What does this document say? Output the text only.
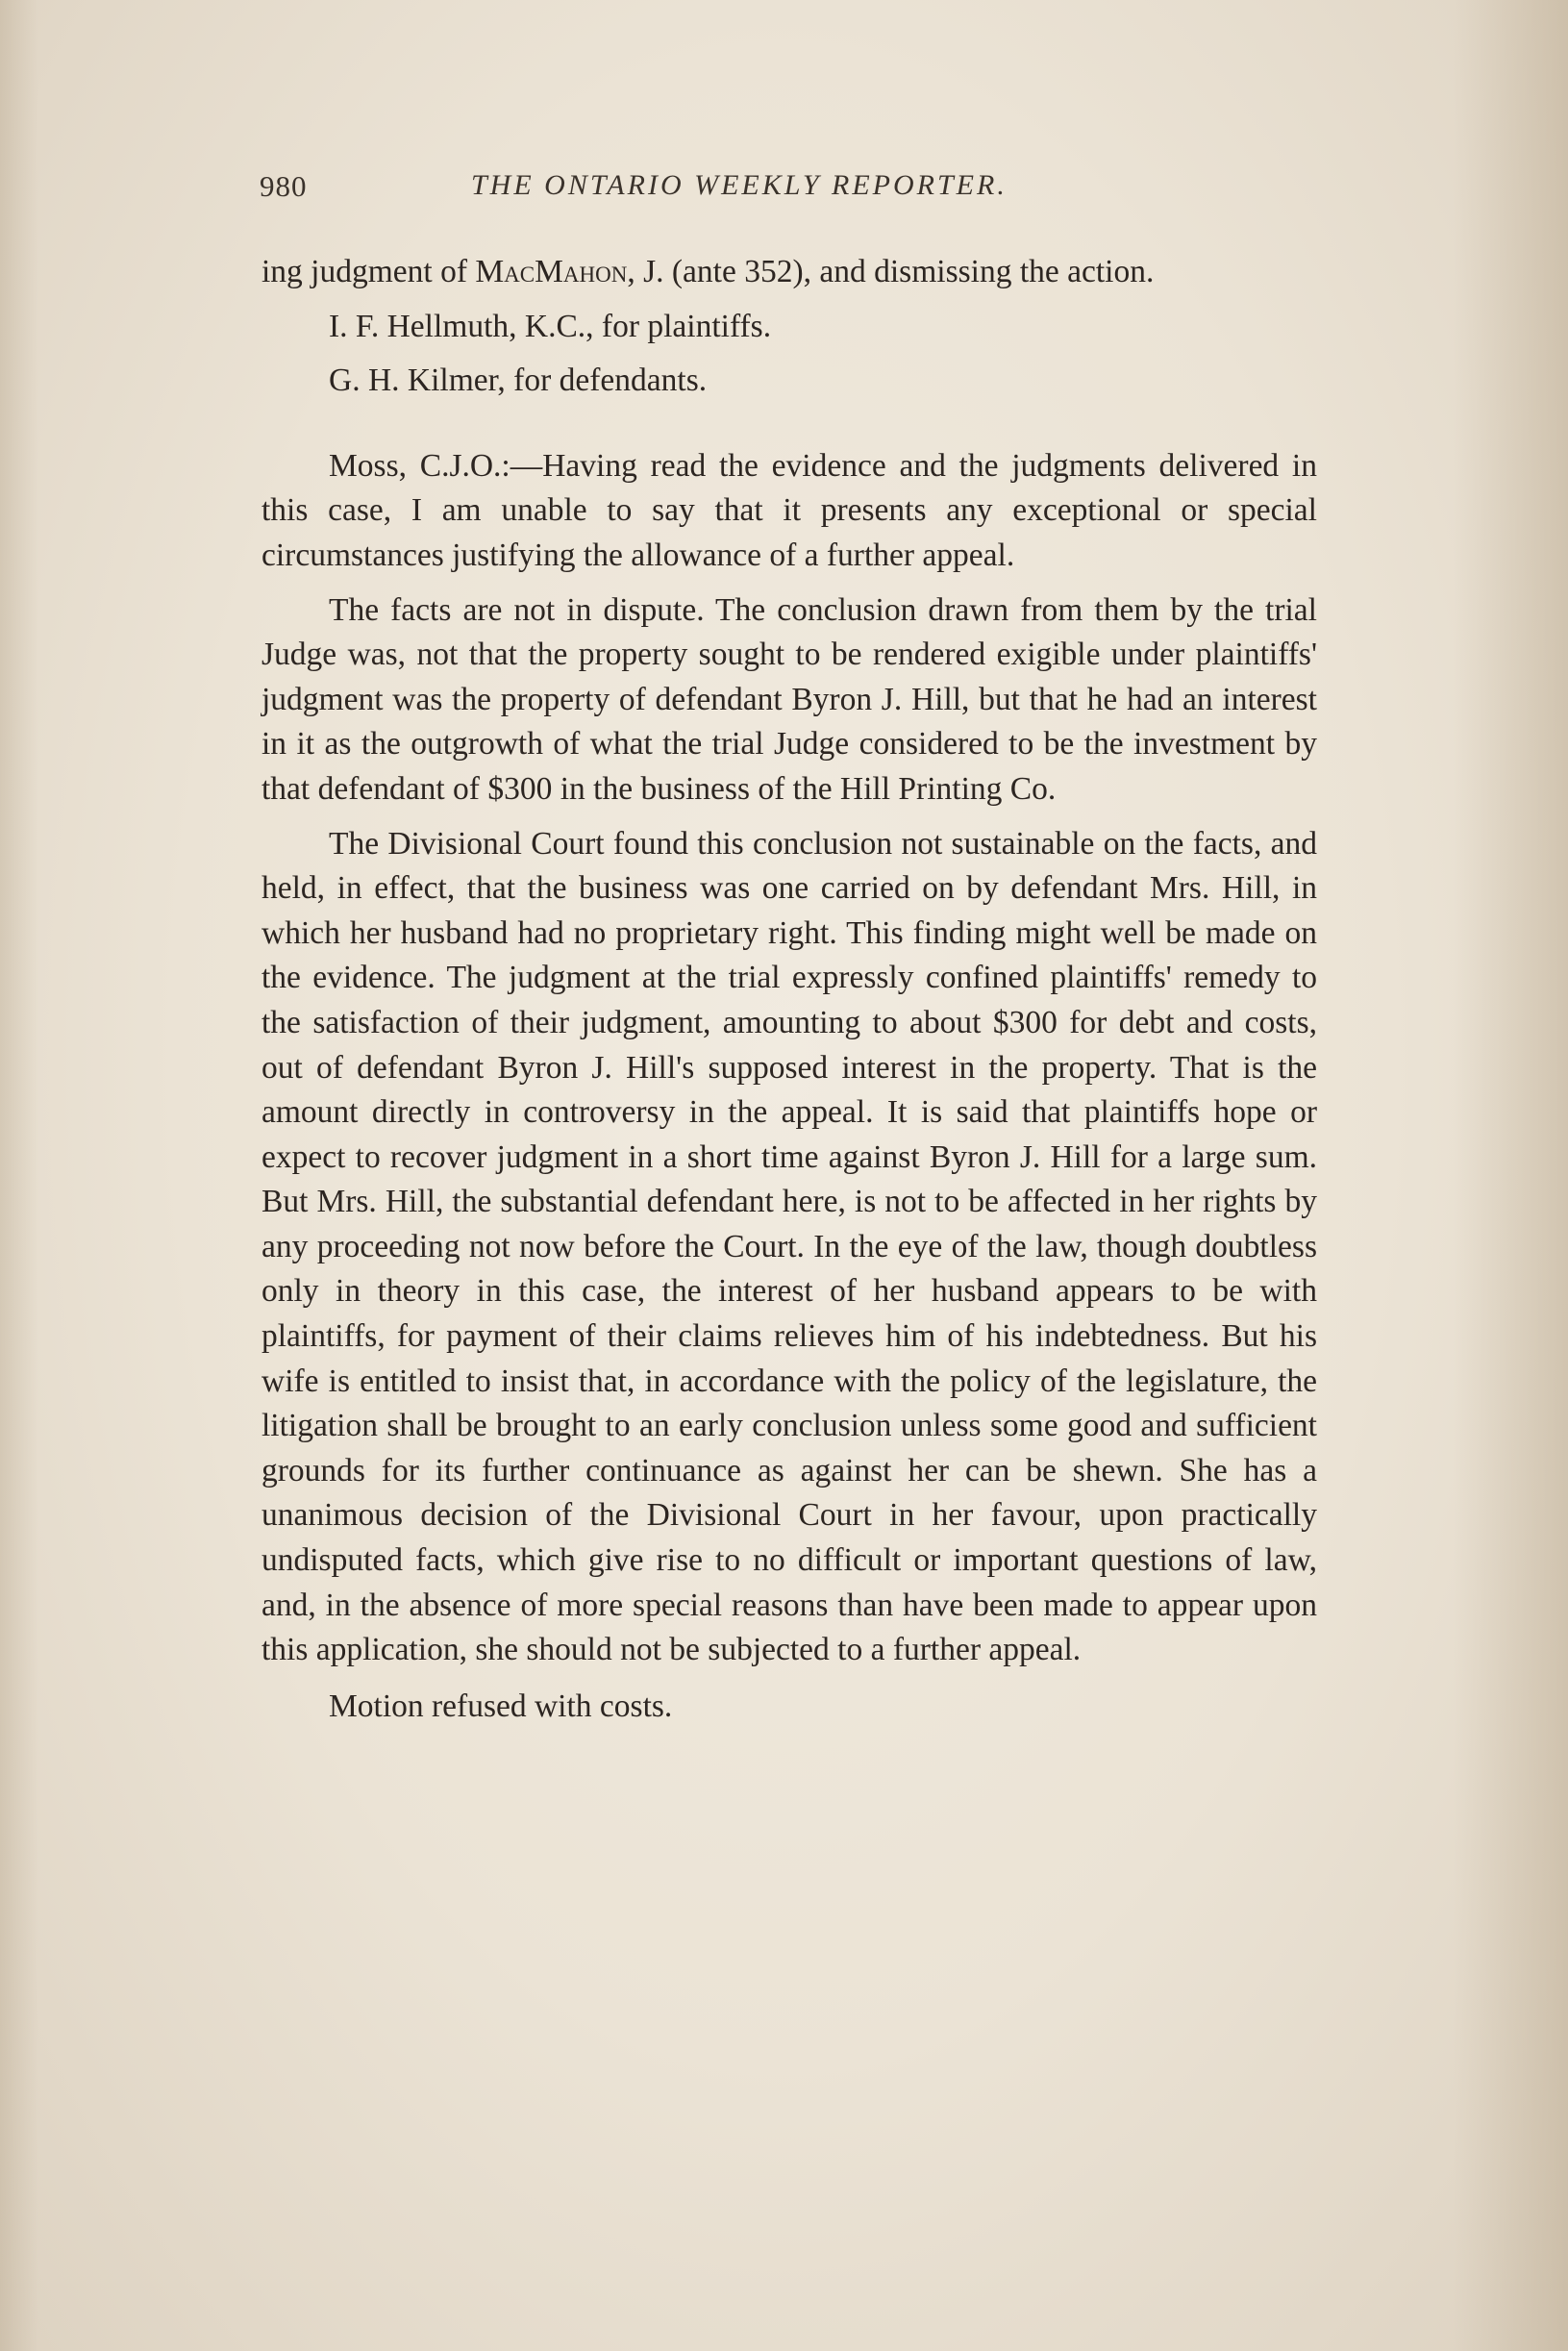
980	THE ONTARIO WEEKLY REPORTER.

ing judgment of MacMahon, J. (ante 352), and dismissing the action.

I. F. Hellmuth, K.C., for plaintiffs.

G. H. Kilmer, for defendants.

Moss, C.J.O.:—Having read the evidence and the judgments delivered in this case, I am unable to say that it presents any exceptional or special circumstances justifying the allowance of a further appeal.

The facts are not in dispute. The conclusion drawn from them by the trial Judge was, not that the property sought to be rendered exigible under plaintiffs' judgment was the property of defendant Byron J. Hill, but that he had an interest in it as the outgrowth of what the trial Judge considered to be the investment by that defendant of $300 in the business of the Hill Printing Co.

The Divisional Court found this conclusion not sustainable on the facts, and held, in effect, that the business was one carried on by defendant Mrs. Hill, in which her husband had no proprietary right. This finding might well be made on the evidence. The judgment at the trial expressly confined plaintiffs' remedy to the satisfaction of their judgment, amounting to about $300 for debt and costs, out of defendant Byron J. Hill's supposed interest in the property. That is the amount directly in controversy in the appeal. It is said that plaintiffs hope or expect to recover judgment in a short time against Byron J. Hill for a large sum. But Mrs. Hill, the substantial defendant here, is not to be affected in her rights by any proceeding not now before the Court. In the eye of the law, though doubtless only in theory in this case, the interest of her husband appears to be with plaintiffs, for payment of their claims relieves him of his indebtedness. But his wife is entitled to insist that, in accordance with the policy of the legislature, the litigation shall be brought to an early conclusion unless some good and sufficient grounds for its further continuance as against her can be shewn. She has a unanimous decision of the Divisional Court in her favour, upon practically undisputed facts, which give rise to no difficult or important questions of law, and, in the absence of more special reasons than have been made to appear upon this application, she should not be subjected to a further appeal.

Motion refused with costs.
